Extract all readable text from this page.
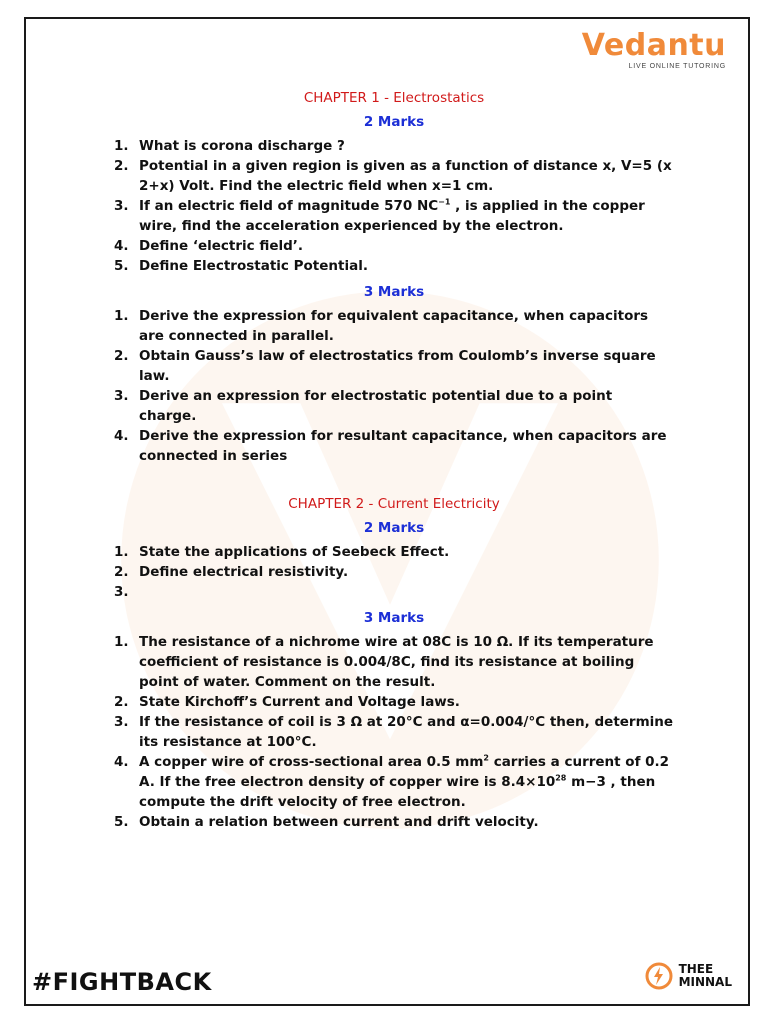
Vedantu
LIVE ONLINE TUTORING
CHAPTER 1 - Electrostatics
2 Marks
1. What is corona discharge ?
2. Potential in a given region is given as a function of distance x, V=5 (x 2+x) Volt. Find the electric field when x=1 cm.
3. If an electric field of magnitude 570 $NC^{-1}$ , is applied in the copper wire, find the acceleration experienced by the electron.
4. Define ‘electric field’.
5. Define Electrostatic Potential.
3 Marks
1. Derive the expression for equivalent capacitance, when capacitors are connected in parallel.
2. Obtain Gauss’s law of electrostatics from Coulomb’s inverse square law.
3. Derive an expression for electrostatic potential due to a point charge.
4. Derive the expression for resultant capacitance, when capacitors are connected in series
CHAPTER 2 - Current Electricity
2 Marks
1. State the applications of Seebeck Effect.
2. Define electrical resistivity.
3.

3 Marks
1. The resistance of a nichrome wire at 08C is 10 Ω. If its temperature coefficient of resistance is 0.004/8C, find its resistance at boiling point of water. Comment on the result.
2. State Kirchoff’s Current and Voltage laws.
3. If the resistance of coil is 3 Ω at 20°C and α=0.004/°C then, determine its resistance at 100°C.
4. A copper wire of cross-sectional area 0.5 $mm^2$ carries a current of 0.2 A. If the free electron density of copper wire is $8.4\times 10^{28}$ m−3 , then compute the drift velocity of free electron.
5. Obtain a relation between current and drift velocity.
#FIGHTBACK	THEE
MINNAL
